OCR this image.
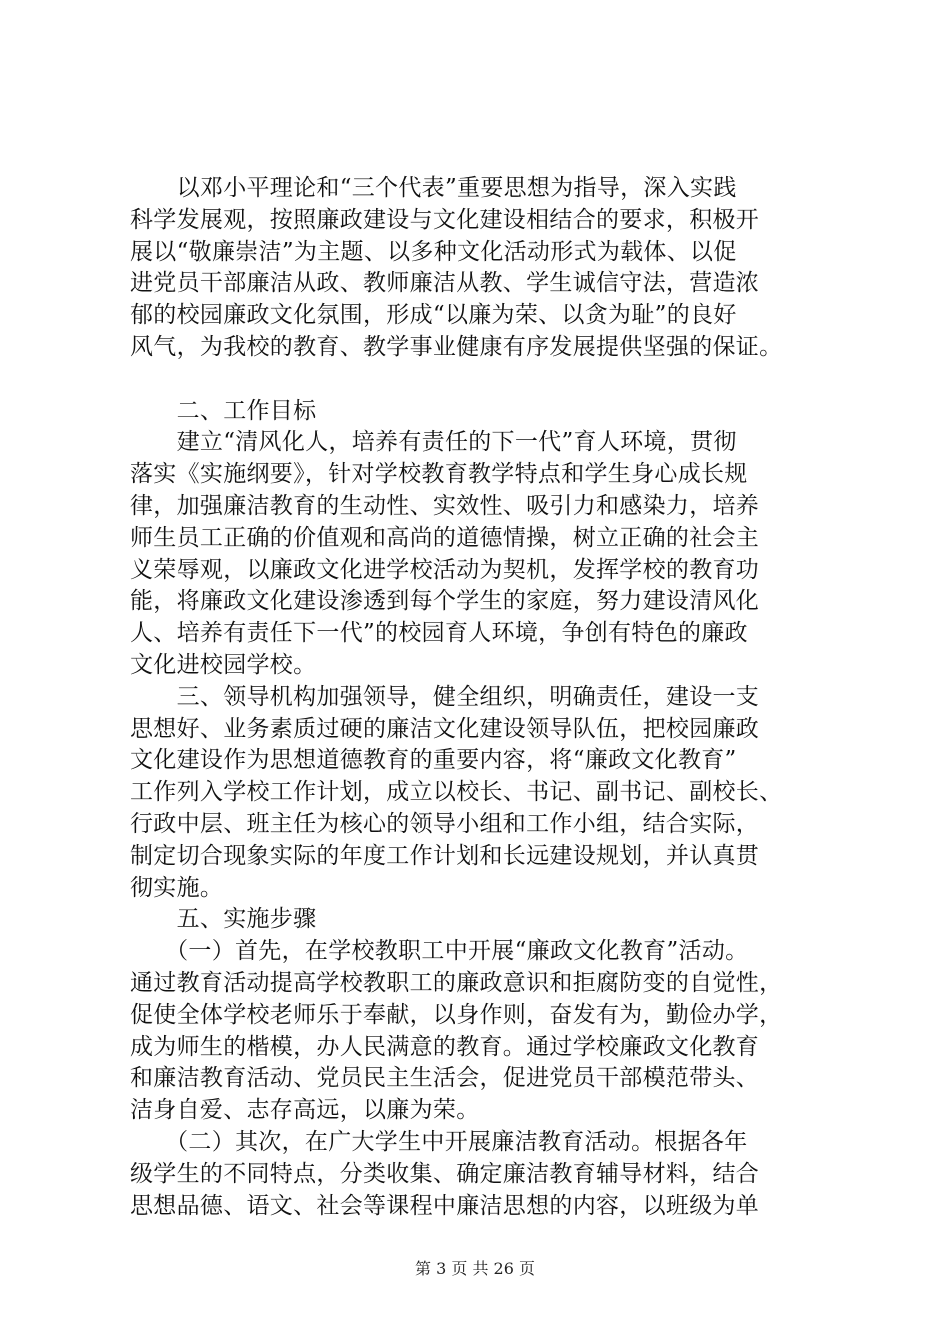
　　以邓小平理论和“三个代表”重要思想为指导，深入实践
科学发展观，按照廉政建设与文化建设相结合的要求，积极开
展以“敬廉崇洁”为主题、以多种文化活动形式为载体、以促
进党员干部廉洁从政、教师廉洁从教、学生诚信守法，营造浓
郁的校园廉政文化氛围，形成“以廉为荣、以贪为耻”的良好
风气，为我校的教育、教学事业健康有序发展提供坚强的保证。
　　二、工作目标
　　建立“清风化人，培养有责任的下一代”育人环境，贯彻
落实《实施纲要》，针对学校教育教学特点和学生身心成长规
律，加强廉洁教育的生动性、实效性、吸引力和感染力，培养
师生员工正确的价值观和高尚的道德情操，树立正确的社会主
义荣辱观，以廉政文化进学校活动为契机，发挥学校的教育功
能，将廉政文化建设渗透到每个学生的家庭，努力建设清风化
人、培养有责任下一代”的校园育人环境，争创有特色的廉政
文化进校园学校。
　　三、领导机构加强领导，健全组织，明确责任，建设一支
思想好、业务素质过硬的廉洁文化建设领导队伍，把校园廉政
文化建设作为思想道德教育的重要内容，将“廉政文化教育”
工作列入学校工作计划，成立以校长、书记、副书记、副校长、
行政中层、班主任为核心的领导小组和工作小组，结合实际，
制定切合现象实际的年度工作计划和长远建设规划，并认真贯
彻实施。
　　五、实施步骤
　　（一）首先，在学校教职工中开展“廉政文化教育”活动。
通过教育活动提高学校教职工的廉政意识和拒腐防变的自觉性，
促使全体学校老师乐于奉献，以身作则，奋发有为，勤俭办学，
成为师生的楷模，办人民满意的教育。通过学校廉政文化教育
和廉洁教育活动、党员民主生活会，促进党员干部模范带头、
洁身自爱、志存高远，以廉为荣。
　　（二）其次，在广大学生中开展廉洁教育活动。根据各年
级学生的不同特点，分类收集、确定廉洁教育辅导材料，结合
思想品德、语文、社会等课程中廉洁思想的内容，以班级为单
第 3 页 共 26 页
